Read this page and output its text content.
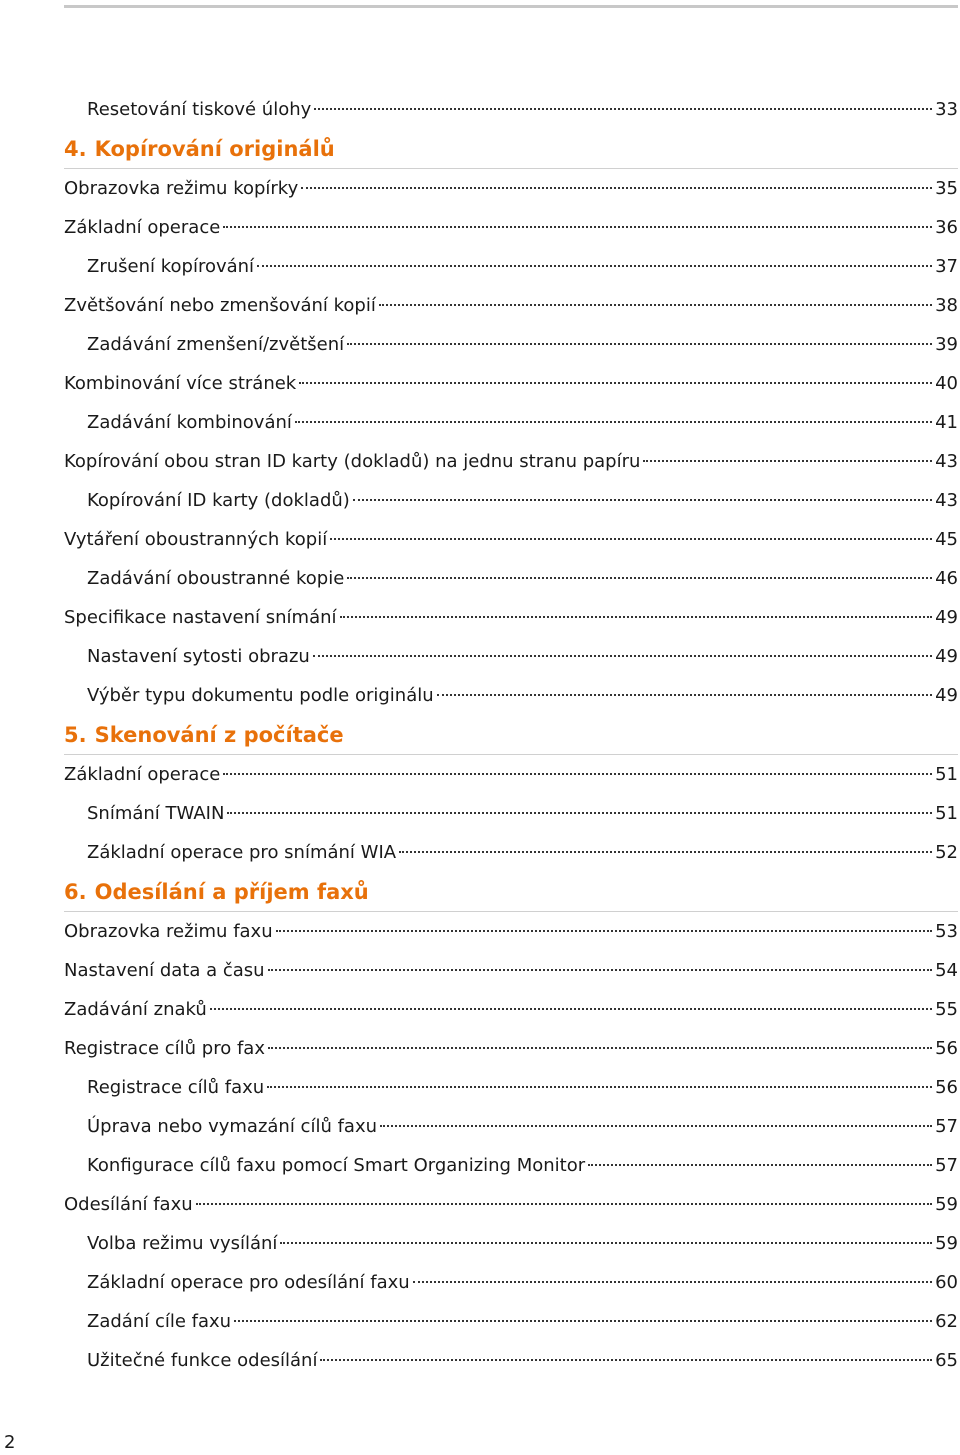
Resetování tiskové úlohy	33
4. Kopírování originálů
Obrazovka režimu kopírky	35
Základní operace	36
Zrušení kopírování	37
Zvětšování nebo zmenšování kopií	38
Zadávání zmenšení/zvětšení	39
Kombinování více stránek	40
Zadávání kombinování	41
Kopírování obou stran ID karty (dokladů) na jednu stranu papíru	43
Kopírování ID karty (dokladů)	43
Vytáření oboustranných kopií	45
Zadávání oboustranné kopie	46
Specifikace nastavení snímání	49
Nastavení sytosti obrazu	49
Výběr typu dokumentu podle originálu	49
5. Skenování z počítače
Základní operace	51
Snímání TWAIN	51
Základní operace pro snímání WIA	52
6. Odesílání a příjem faxů
Obrazovka režimu faxu	53
Nastavení data a času	54
Zadávání znaků	55
Registrace cílů pro fax	56
Registrace cílů faxu	56
Úprava nebo vymazání cílů faxu	57
Konfigurace cílů faxu pomocí Smart Organizing Monitor	57
Odesílání faxu	59
Volba režimu vysílání	59
Základní operace pro odesílání faxu	60
Zadání cíle faxu	62
Užitečné funkce odesílání	65
2
